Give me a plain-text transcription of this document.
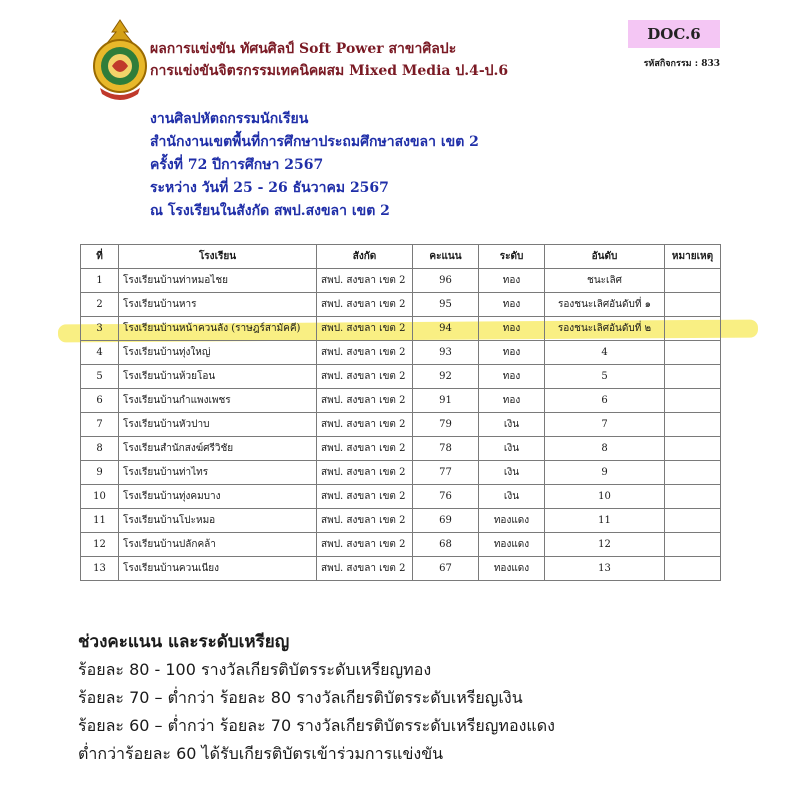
ผลการแข่งขัน ทัศนศิลป์ Soft Power สาขาศิลปะ
การแข่งขันจิตรกรรมเทคนิคผสม Mixed Media ป.4-ป.6
DOC.6
รหัสกิจกรรม : 833
งานศิลปหัตถกรรมนักเรียน
สำนักงานเขตพื้นที่การศึกษาประถมศึกษาสงขลา เขต 2
ครั้งที่ 72 ปีการศึกษา 2567
ระหว่าง วันที่ 25 - 26 ธันวาคม 2567
ณ โรงเรียนในสังกัด สพป.สงขลา เขต 2
ที่	โรงเรียน	สังกัด	คะแนน	ระดับ	อันดับ	หมายเหตุ
1	โรงเรียนบ้านท่าหมอไชย	สพป. สงขลา เขต 2	96	ทอง	ชนะเลิศ	
2	โรงเรียนบ้านหาร	สพป. สงขลา เขต 2	95	ทอง	รองชนะเลิศอันดับที่ ๑	
3	โรงเรียนบ้านหน้าควนลัง (ราษฎร์สามัคคี)	สพป. สงขลา เขต 2	94	ทอง	รองชนะเลิศอันดับที่ ๒	
4	โรงเรียนบ้านทุ่งใหญ่	สพป. สงขลา เขต 2	93	ทอง	4	
5	โรงเรียนบ้านห้วยโอน	สพป. สงขลา เขต 2	92	ทอง	5	
6	โรงเรียนบ้านกำแพงเพชร	สพป. สงขลา เขต 2	91	ทอง	6	
7	โรงเรียนบ้านหัวปาบ	สพป. สงขลา เขต 2	79	เงิน	7	
8	โรงเรียนสำนักสงฆ์ศรีวิชัย	สพป. สงขลา เขต 2	78	เงิน	8	
9	โรงเรียนบ้านท่าไทร	สพป. สงขลา เขต 2	77	เงิน	9	
10	โรงเรียนบ้านทุ่งคมบาง	สพป. สงขลา เขต 2	76	เงิน	10	
11	โรงเรียนบ้านโปะหมอ	สพป. สงขลา เขต 2	69	ทองแดง	11	
12	โรงเรียนบ้านปลักคล้า	สพป. สงขลา เขต 2	68	ทองแดง	12	
13	โรงเรียนบ้านควนเนียง	สพป. สงขลา เขต 2	67	ทองแดง	13	
ช่วงคะแนน และระดับเหรียญ
ร้อยละ 80 - 100 รางวัลเกียรติบัตรระดับเหรียญทอง
ร้อยละ 70 – ต่ำกว่า ร้อยละ 80 รางวัลเกียรติบัตรระดับเหรียญเงิน
ร้อยละ 60 – ต่ำกว่า ร้อยละ 70 รางวัลเกียรติบัตรระดับเหรียญทองแดง
ต่ำกว่าร้อยละ 60 ได้รับเกียรติบัตรเข้าร่วมการแข่งขัน
